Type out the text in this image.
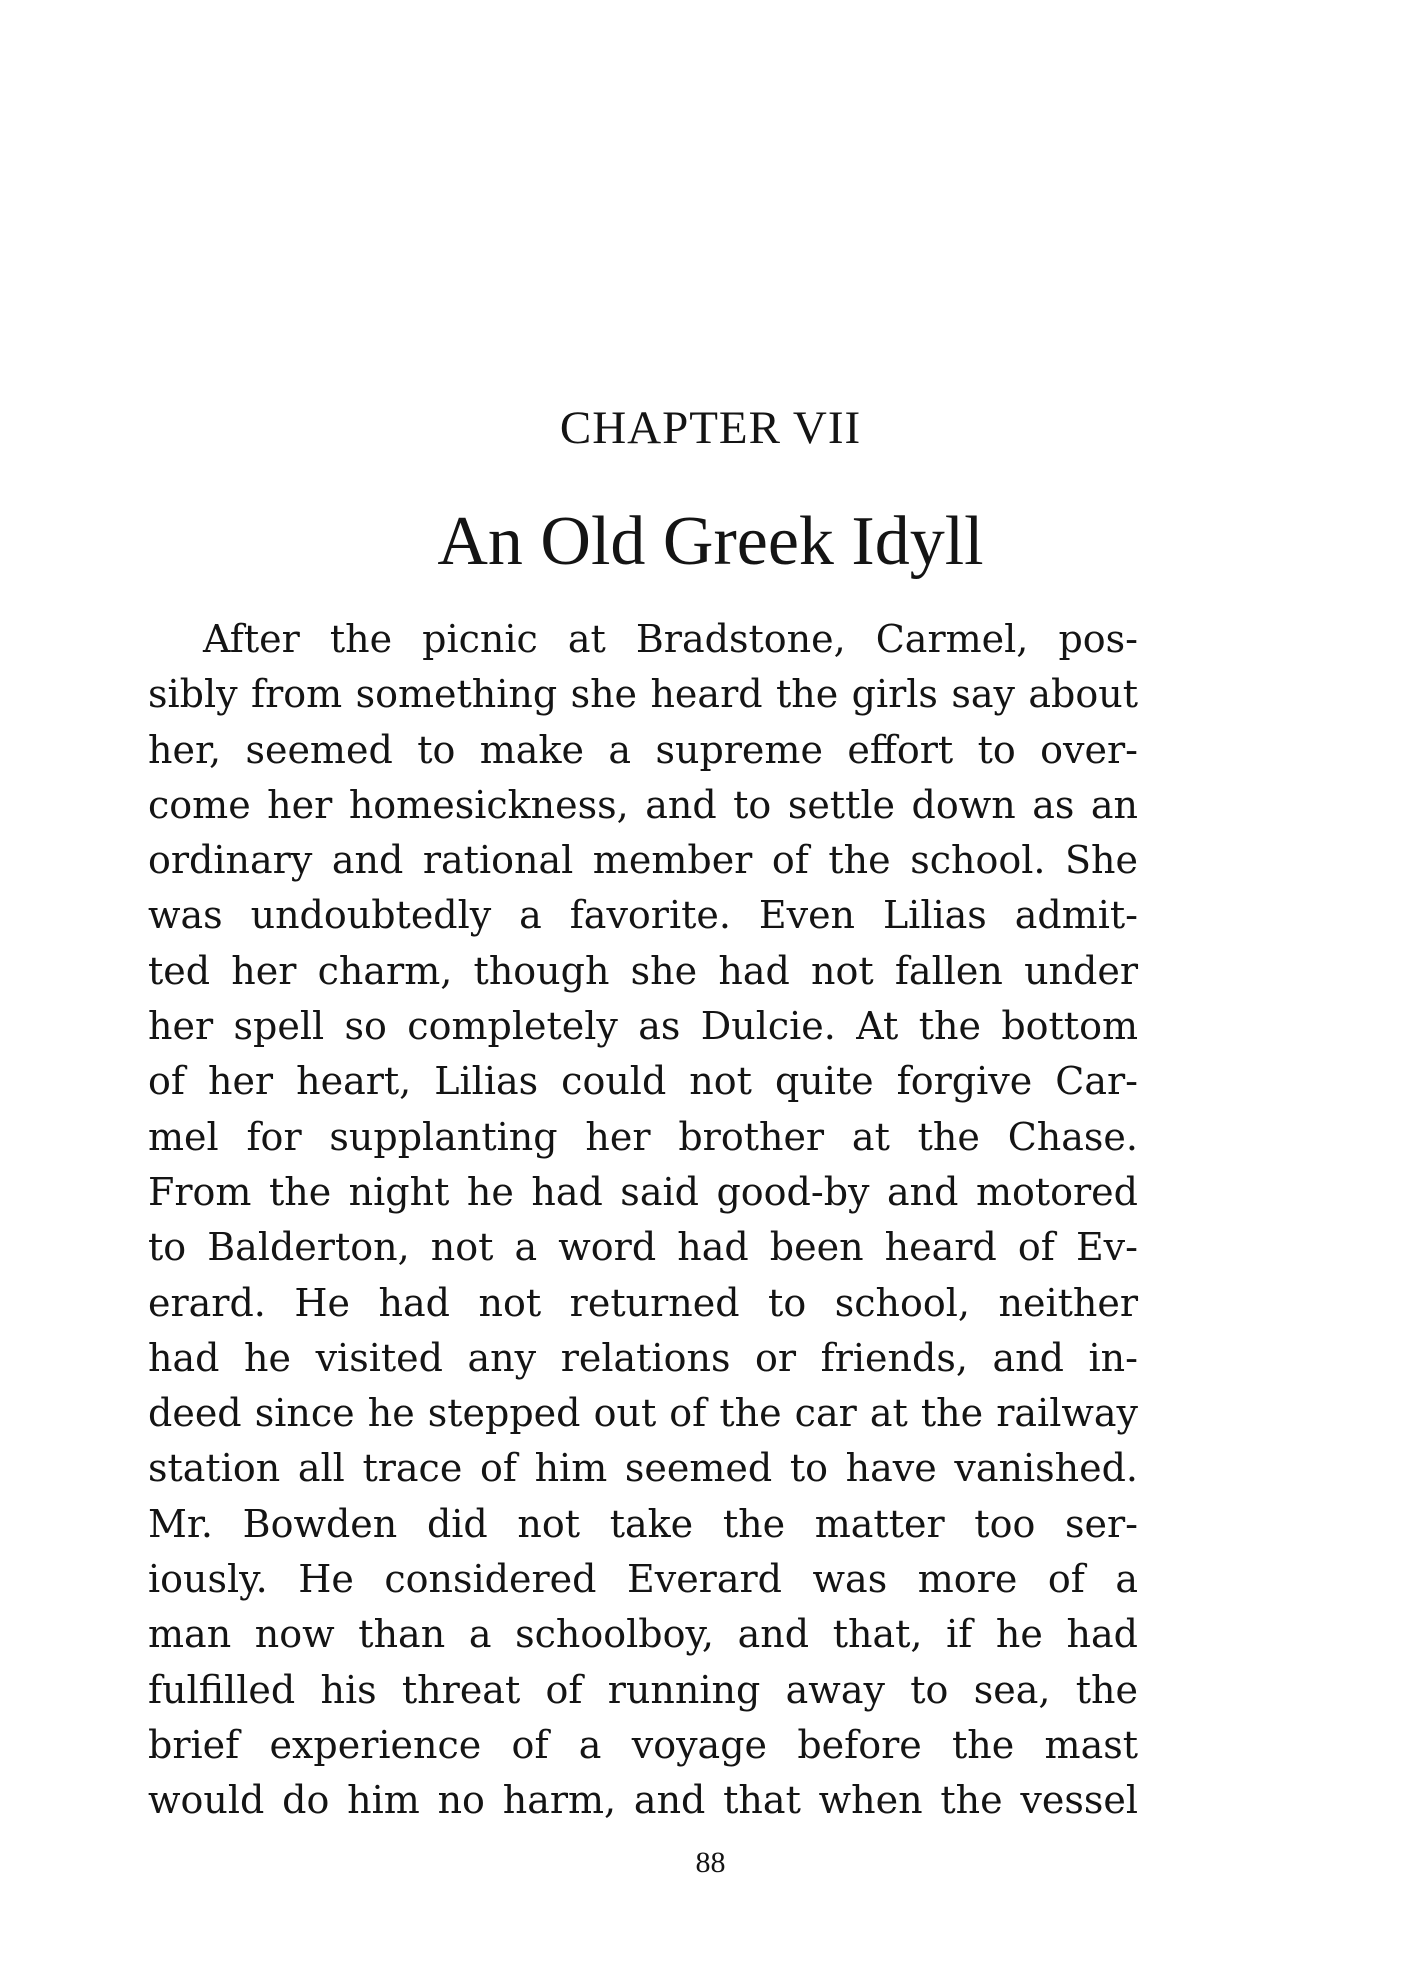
CHAPTER VII
An Old Greek Idyll
After the picnic at Bradstone, Carmel, pos-
sibly from something she heard the girls say about
her, seemed to make a supreme effort to over-
come her homesickness, and to settle down as an
ordinary and rational member of the school. She
was undoubtedly a favorite. Even Lilias admit-
ted her charm, though she had not fallen under
her spell so completely as Dulcie. At the bottom
of her heart, Lilias could not quite forgive Car-
mel for supplanting her brother at the Chase.
From the night he had said good-by and motored
to Balderton, not a word had been heard of Ev-
erard. He had not returned to school, neither
had he visited any relations or friends, and in-
deed since he stepped out of the car at the railway
station all trace of him seemed to have vanished.
Mr. Bowden did not take the matter too ser-
iously. He considered Everard was more of a
man now than a schoolboy, and that, if he had
fulfilled his threat of running away to sea, the
brief experience of a voyage before the mast
would do him no harm, and that when the vessel
88
